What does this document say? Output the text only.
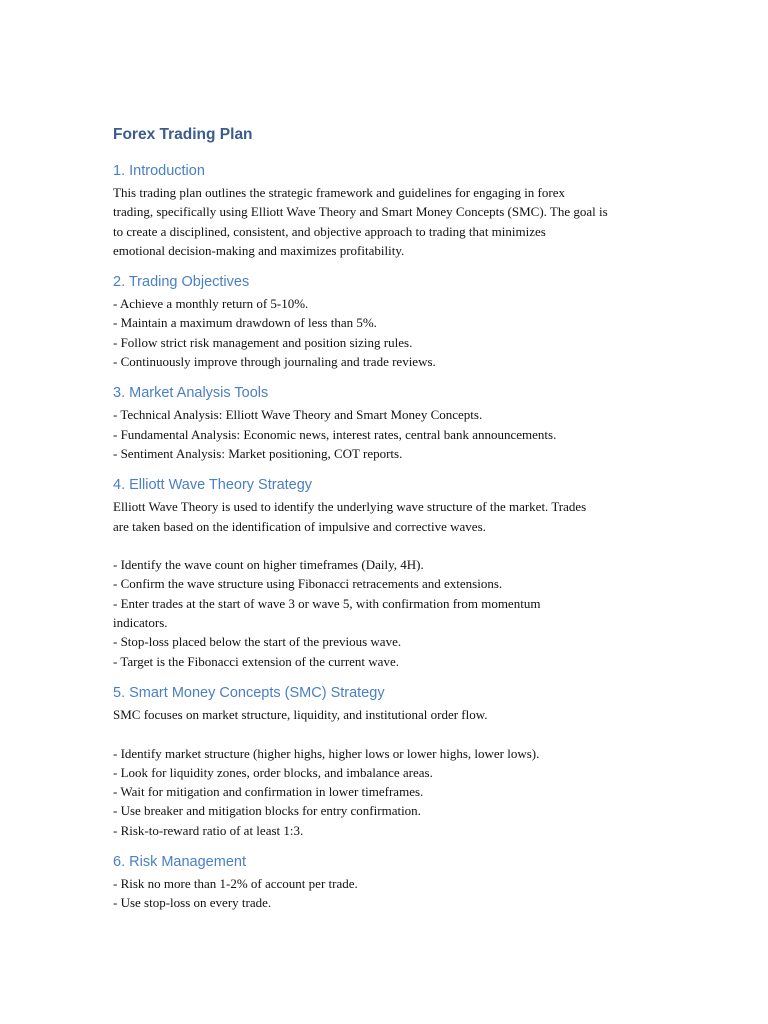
Forex Trading Plan
1. Introduction
This trading plan outlines the strategic framework and guidelines for engaging in forex
trading, specifically using Elliott Wave Theory and Smart Money Concepts (SMC). The goal is
to create a disciplined, consistent, and objective approach to trading that minimizes
emotional decision-making and maximizes profitability.
2. Trading Objectives
- Achieve a monthly return of 5-10%.
- Maintain a maximum drawdown of less than 5%.
- Follow strict risk management and position sizing rules.
- Continuously improve through journaling and trade reviews.
3. Market Analysis Tools
- Technical Analysis: Elliott Wave Theory and Smart Money Concepts.
- Fundamental Analysis: Economic news, interest rates, central bank announcements.
- Sentiment Analysis: Market positioning, COT reports.
4. Elliott Wave Theory Strategy
Elliott Wave Theory is used to identify the underlying wave structure of the market. Trades
are taken based on the identification of impulsive and corrective waves.
- Identify the wave count on higher timeframes (Daily, 4H).
- Confirm the wave structure using Fibonacci retracements and extensions.
- Enter trades at the start of wave 3 or wave 5, with confirmation from momentum
indicators.
- Stop-loss placed below the start of the previous wave.
- Target is the Fibonacci extension of the current wave.
5. Smart Money Concepts (SMC) Strategy
SMC focuses on market structure, liquidity, and institutional order flow.
- Identify market structure (higher highs, higher lows or lower highs, lower lows).
- Look for liquidity zones, order blocks, and imbalance areas.
- Wait for mitigation and confirmation in lower timeframes.
- Use breaker and mitigation blocks for entry confirmation.
- Risk-to-reward ratio of at least 1:3.
6. Risk Management
- Risk no more than 1-2% of account per trade.
- Use stop-loss on every trade.
